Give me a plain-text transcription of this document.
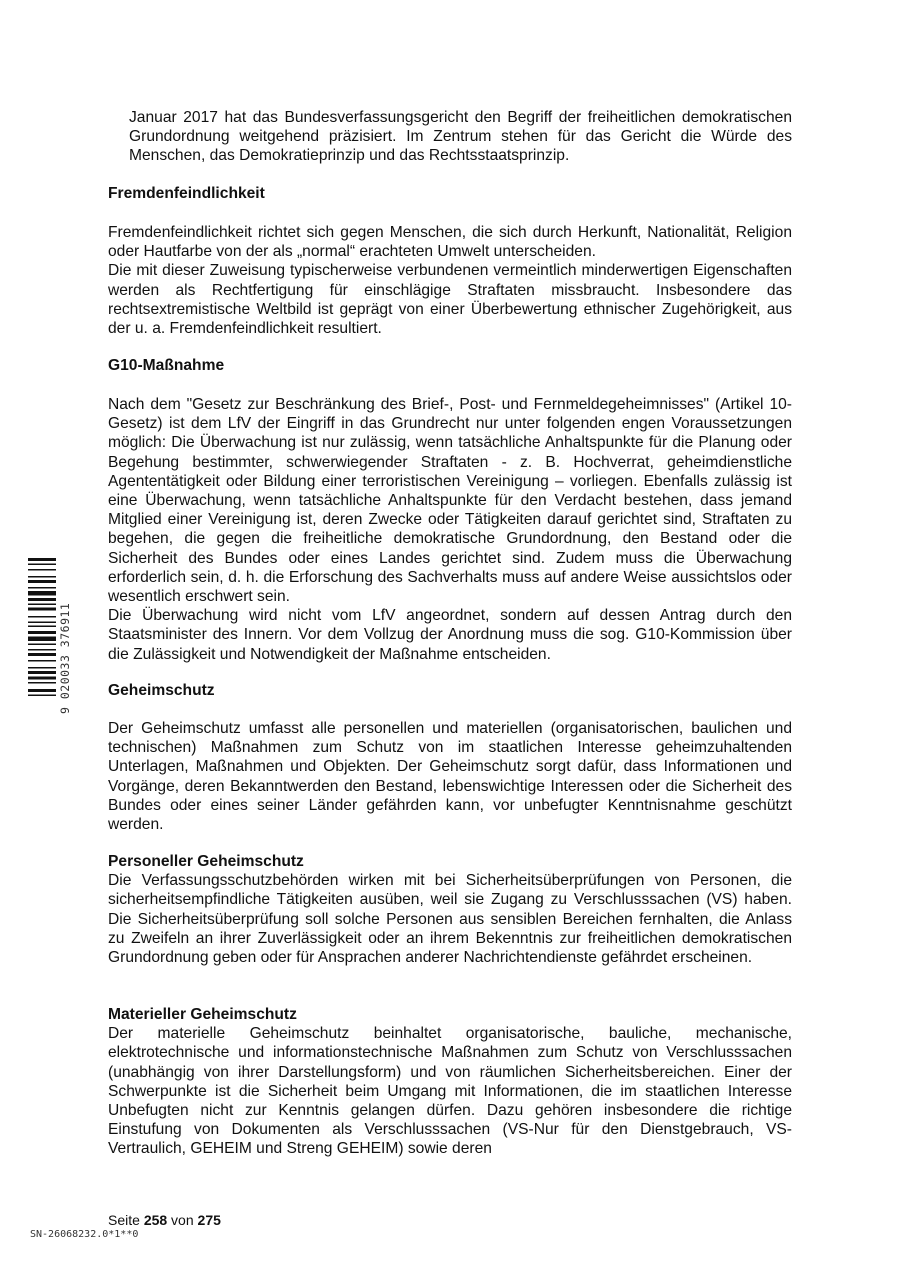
Januar 2017 hat das Bundesverfassungsgericht den Begriff der freiheitlichen demokratischen Grundordnung weitgehend präzisiert. Im Zentrum stehen für das Gericht die Würde des Menschen, das Demokratieprinzip und das Rechtsstaatsprinzip.

Fremdenfeindlichkeit

Fremdenfeindlichkeit richtet sich gegen Menschen, die sich durch Herkunft, Nationalität, Religion oder Hautfarbe von der als „normal“ erachteten Umwelt unterscheiden.

Die mit dieser Zuweisung typischerweise verbundenen vermeintlich minderwertigen Eigenschaften werden als Rechtfertigung für einschlägige Straftaten missbraucht. Insbesondere das rechtsextremistische Weltbild ist geprägt von einer Überbewertung ethnischer Zugehörigkeit, aus der u. a. Fremdenfeindlichkeit resultiert.

G10-Maßnahme

Nach dem "Gesetz zur Beschränkung des Brief-, Post- und Fernmeldegeheimnisses" (Artikel 10-Gesetz) ist dem LfV der Eingriff in das Grundrecht nur unter folgenden engen Voraussetzungen möglich: Die Überwachung ist nur zulässig, wenn tatsächliche Anhaltspunkte für die Planung oder Begehung bestimmter, schwerwiegender Straftaten - z. B. Hochverrat, geheimdienstliche Agententätigkeit oder Bildung einer terroristischen Vereinigung – vorliegen. Ebenfalls zulässig ist eine Überwachung, wenn tatsächliche Anhaltspunkte für den Verdacht bestehen, dass jemand Mitglied einer Vereinigung ist, deren Zwecke oder Tätigkeiten darauf gerichtet sind, Straftaten zu begehen, die gegen die freiheitliche demokratische Grundordnung, den Bestand oder die Sicherheit des Bundes oder eines Landes gerichtet sind. Zudem muss die Überwachung erforderlich sein, d. h. die Erforschung des Sachverhalts muss auf andere Weise aussichtslos oder wesentlich erschwert sein.

Die Überwachung wird nicht vom LfV angeordnet, sondern auf dessen Antrag durch den Staatsminister des Innern. Vor dem Vollzug der Anordnung muss die sog. G10-Kommission über die Zulässigkeit und Notwendigkeit der Maßnahme entscheiden.

Geheimschutz

Der Geheimschutz umfasst alle personellen und materiellen (organisatorischen, baulichen und technischen) Maßnahmen zum Schutz von im staatlichen Interesse geheimzuhaltenden Unterlagen, Maßnahmen und Objekten. Der Geheimschutz sorgt dafür, dass Informationen und Vorgänge, deren Bekanntwerden den Bestand, lebenswichtige Interessen oder die Sicherheit des Bundes oder eines seiner Länder gefährden kann, vor unbefugter Kenntnisnahme geschützt werden.

Personeller Geheimschutz

Die Verfassungsschutzbehörden wirken mit bei Sicherheitsüberprüfungen von Personen, die sicherheitsempfindliche Tätigkeiten ausüben, weil sie Zugang zu Verschlusssachen (VS) haben. Die Sicherheitsüberprüfung soll solche Personen aus sensiblen Bereichen fernhalten, die Anlass zu Zweifeln an ihrer Zuverlässigkeit oder an ihrem Bekenntnis zur freiheitlichen demokratischen Grundordnung geben oder für Ansprachen anderer Nachrichtendienste gefährdet erscheinen.

Materieller Geheimschutz

Der materielle Geheimschutz beinhaltet organisatorische, bauliche, mechanische, elektrotechnische und informationstechnische Maßnahmen zum Schutz von Verschlusssachen (unabhängig von ihrer Darstellungsform) und von räumlichen Sicherheitsbereichen. Einer der Schwerpunkte ist die Sicherheit beim Umgang mit Informationen, die im staatlichen Interesse Unbefugten nicht zur Kenntnis gelangen dürfen. Dazu gehören insbesondere die richtige Einstufung von Dokumenten als Verschlusssachen (VS-Nur für den Dienstgebrauch, VS-Vertraulich, GEHEIM und Streng GEHEIM) sowie deren

9 020033 376911
Seite 258 von 275
SN-26068232.0*1**0
